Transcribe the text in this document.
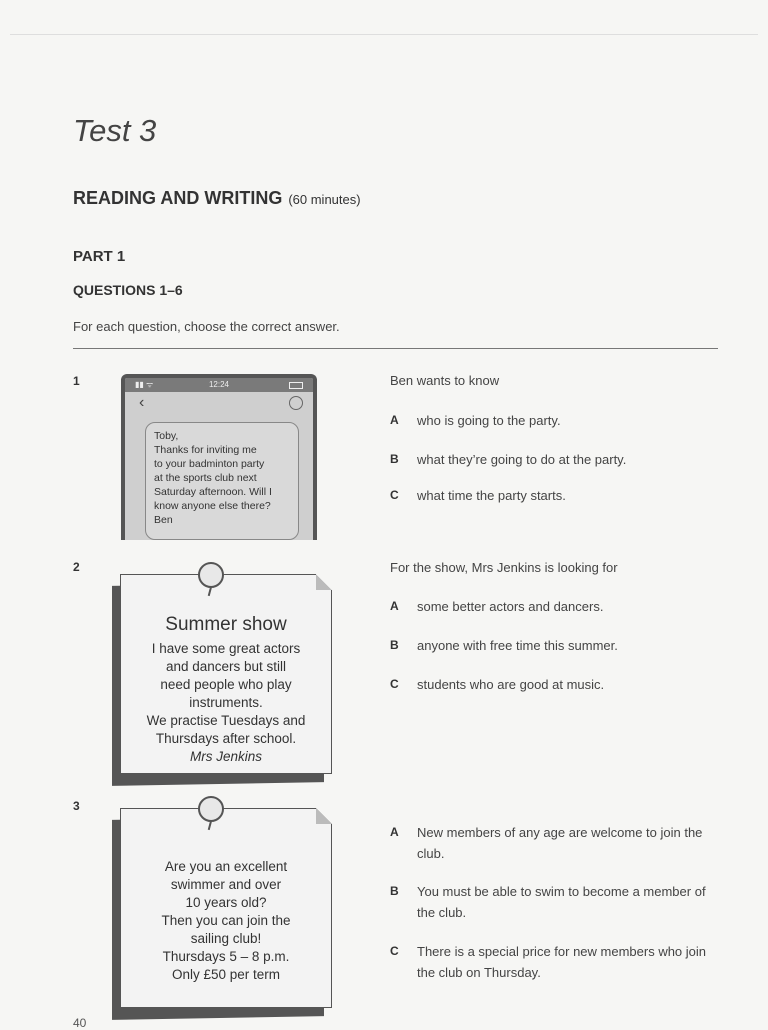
Test 3
READING AND WRITING (60 minutes)
PART 1
QUESTIONS 1–6
For each question, choose the correct answer.
1	▮▮ ᯤ	12:24
‹
Toby,
Thanks for inviting me
to your badminton party
at the sports club next
Saturday afternoon. Will I
know anyone else there?
Ben
Ben wants to know
A who is going to the party.
B what they’re going to do at the party.
C what time the party starts.
2
Summer show
I have some great actors
and dancers but still
need people who play
instruments.
We practise Tuesdays and
Thursdays after school.
Mrs Jenkins
For the show, Mrs Jenkins is looking for
A some better actors and dancers.
B anyone with free time this summer.
C students who are good at music.
3
Are you an excellent
swimmer and over
10 years old?
Then you can join the
sailing club!
Thursdays 5 – 8 p.m.
Only £50 per term
A New members of any age are welcome to join the club.
B You must be able to swim to become a member of the club.
C There is a special price for new members who join the club on Thursday.
40
